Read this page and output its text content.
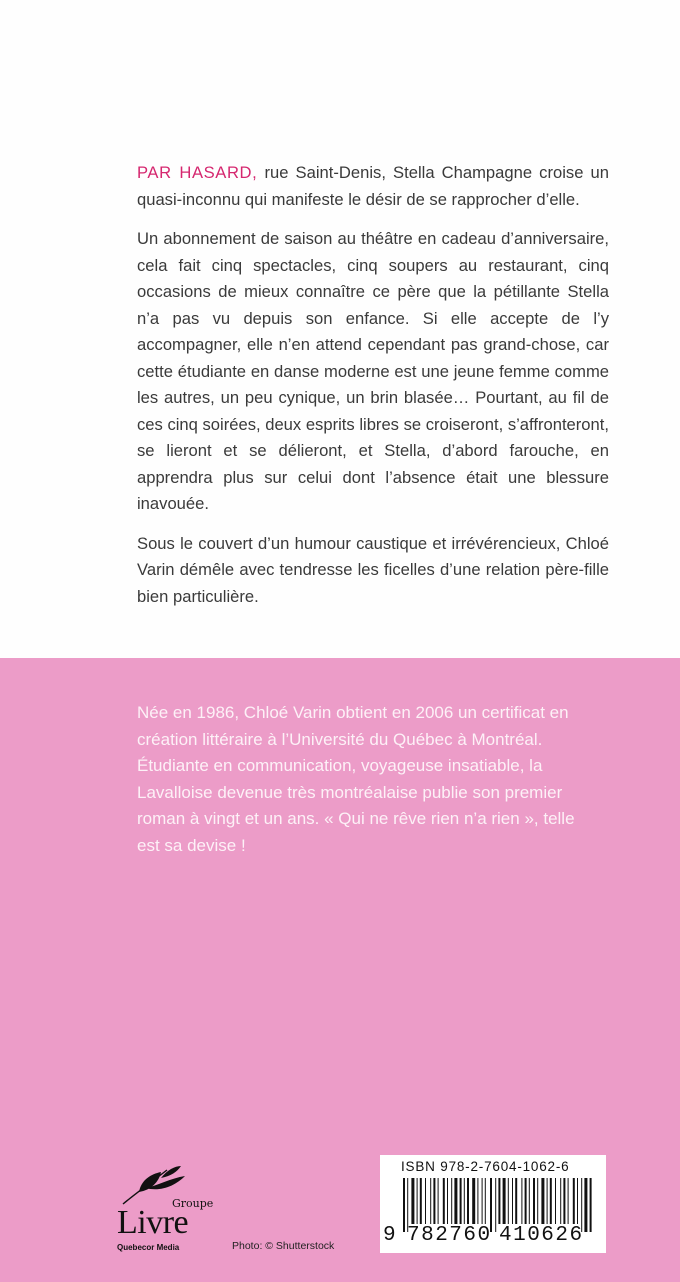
PAR HASARD, rue Saint-Denis, Stella Champagne croise un quasi-inconnu qui manifeste le désir de se rapprocher d’elle.

Un abonnement de saison au théâtre en cadeau d’anniversaire, cela fait cinq spectacles, cinq soupers au restaurant, cinq occasions de mieux connaître ce père que la pétillante Stella n’a pas vu depuis son enfance. Si elle accepte de l’y accompagner, elle n’en attend cependant pas grand-chose, car cette étudiante en danse moderne est une jeune femme comme les autres, un peu cynique, un brin blasée… Pourtant, au fil de ces cinq soirées, deux esprits libres se croiseront, s’affronteront, se lieront et se délieront, et Stella, d’abord farouche, en apprendra plus sur celui dont l’absence était une blessure inavouée.

Sous le couvert d’un humour caustique et irrévérencieux, Chloé Varin démêle avec tendresse les ficelles d’une relation père-fille bien particulière.

Née en 1986, Chloé Varin obtient en 2006 un certificat en création littéraire à l’Université du Québec à Montréal. Étudiante en communication, voyageuse insatiable, la Lavalloise devenue très montréalaise publie son premier roman à vingt et un ans. « Qui ne rêve rien n’a rien », telle est sa devise !
Groupe
Livre
Quebecor Media	Photo: © Shutterstock
ISBN 978-2-7604-1062-6
9 782760 410626
